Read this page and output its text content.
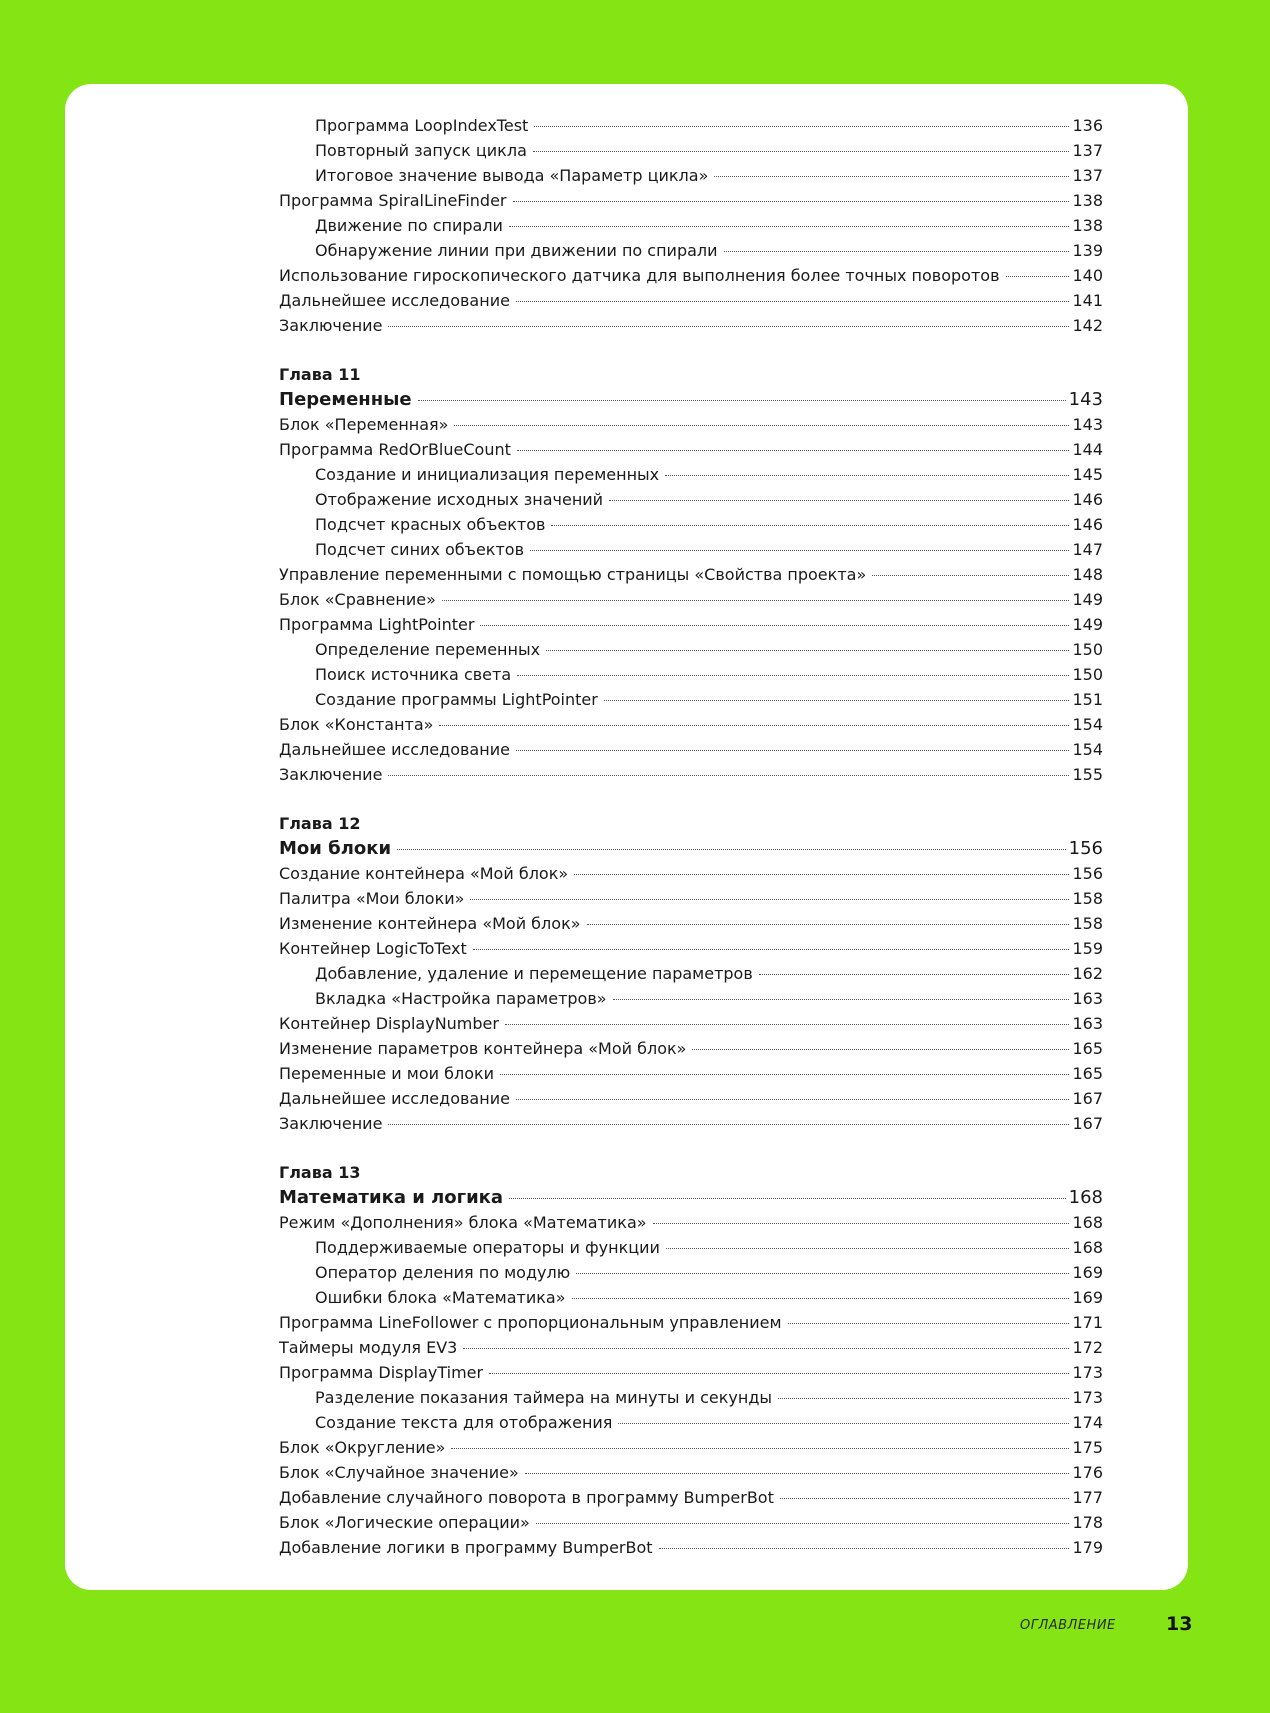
Программа LoopIndexTest	136
Повторный запуск цикла	137
Итоговое значение вывода «Параметр цикла»	137
Программа SpiralLineFinder	138
Движение по спирали	138
Обнаружение линии при движении по спирали	139
Использование гироскопического датчика для выполнения более точных поворотов	140
Дальнейшее исследование	141
Заключение	142
Глава 11
Переменные	143
Блок «Переменная»	143
Программа RedOrBlueCount	144
Создание и инициализация переменных	145
Отображение исходных значений	146
Подсчет красных объектов	146
Подсчет синих объектов	147
Управление переменными с помощью страницы «Свойства проекта»	148
Блок «Сравнение»	149
Программа LightPointer	149
Определение переменных	150
Поиск источника света	150
Создание программы LightPointer	151
Блок «Константа»	154
Дальнейшее исследование	154
Заключение	155
Глава 12
Мои блоки	156
Создание контейнера «Мой блок»	156
Палитра «Мои блоки»	158
Изменение контейнера «Мой блок»	158
Контейнер LogicToText	159
Добавление, удаление и перемещение параметров	162
Вкладка «Настройка параметров»	163
Контейнер DisplayNumber	163
Изменение параметров контейнера «Мой блок»	165
Переменные и мои блоки	165
Дальнейшее исследование	167
Заключение	167
Глава 13
Математика и логика	168
Режим «Дополнения» блока «Математика»	168
Поддерживаемые операторы и функции	168
Оператор деления по модулю	169
Ошибки блока «Математика»	169
Программа LineFollower с пропорциональным управлением	171
Таймеры модуля EV3	172
Программа DisplayTimer	173
Разделение показания таймера на минуты и секунды	173
Создание текста для отображения	174
Блок «Округление»	175
Блок «Случайное значение»	176
Добавление случайного поворота в программу BumperBot	177
Блок «Логические операции»	178
Добавление логики в программу BumperBot	179
ОГЛАВЛЕНИЕ	13
